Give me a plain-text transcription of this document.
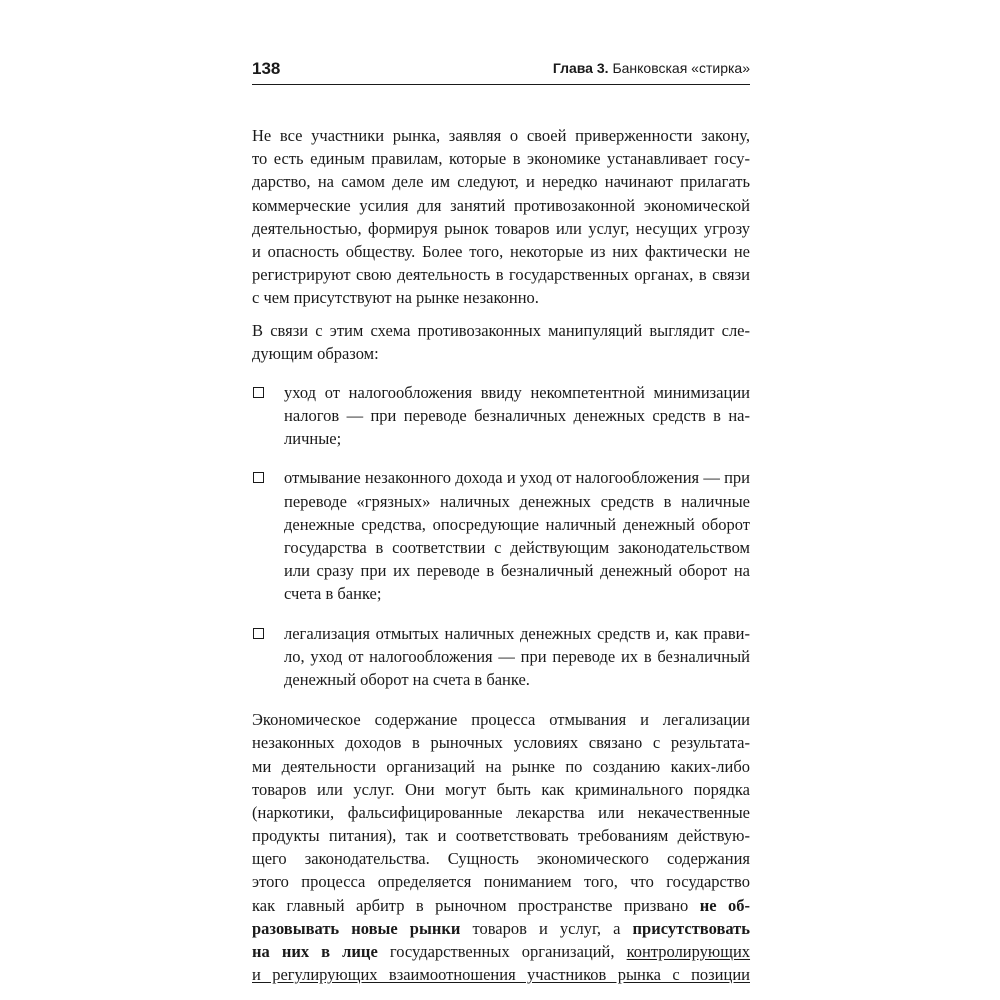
138	Глава 3. Банковская «стирка»
Не все участники рынка, заявляя о своей приверженности закону,
то есть единым правилам, которые в экономике устанавливает госу-
дарство, на самом деле им следуют, и нередко начинают прилагать
коммерческие усилия для занятий противозаконной экономической
деятельностью, формируя рынок товаров или услуг, несущих угрозу
и опасность обществу. Более того, некоторые из них фактически не
регистрируют свою деятельность в государственных органах, в связи
с чем присутствуют на рынке незаконно.
В связи с этим схема противозаконных манипуляций выглядит сле-
дующим образом:
уход от налогообложения ввиду некомпетентной минимизации
налогов — при переводе безналичных денежных средств в на-
личные;
отмывание незаконного дохода и уход от налогообложения — при
переводе «грязных» наличных денежных средств в наличные
денежные средства, опосредующие наличный денежный оборот
государства в соответствии с действующим законодательством
или сразу при их переводе в безналичный денежный оборот на
счета в банке;
легализация отмытых наличных денежных средств и, как прави-
ло, уход от налогообложения — при переводе их в безналичный
денежный оборот на счета в банке.
Экономическое содержание процесса отмывания и легализации
незаконных доходов в рыночных условиях связано с результата-
ми деятельности организаций на рынке по созданию каких-либо
товаров или услуг. Они могут быть как криминального порядка
(наркотики, фальсифицированные лекарства или некачественные
продукты питания), так и соответствовать требованиям действую-
щего законодательства. Сущность экономического содержания
этого процесса определяется пониманием того, что государство
как главный арбитр в рыночном пространстве призвано не об-
разовывать новые рынки товаров и услуг, а присутствовать
на них в лице государственных организаций, контролирующих
и регулирующих взаимоотношения участников рынка с позиции
